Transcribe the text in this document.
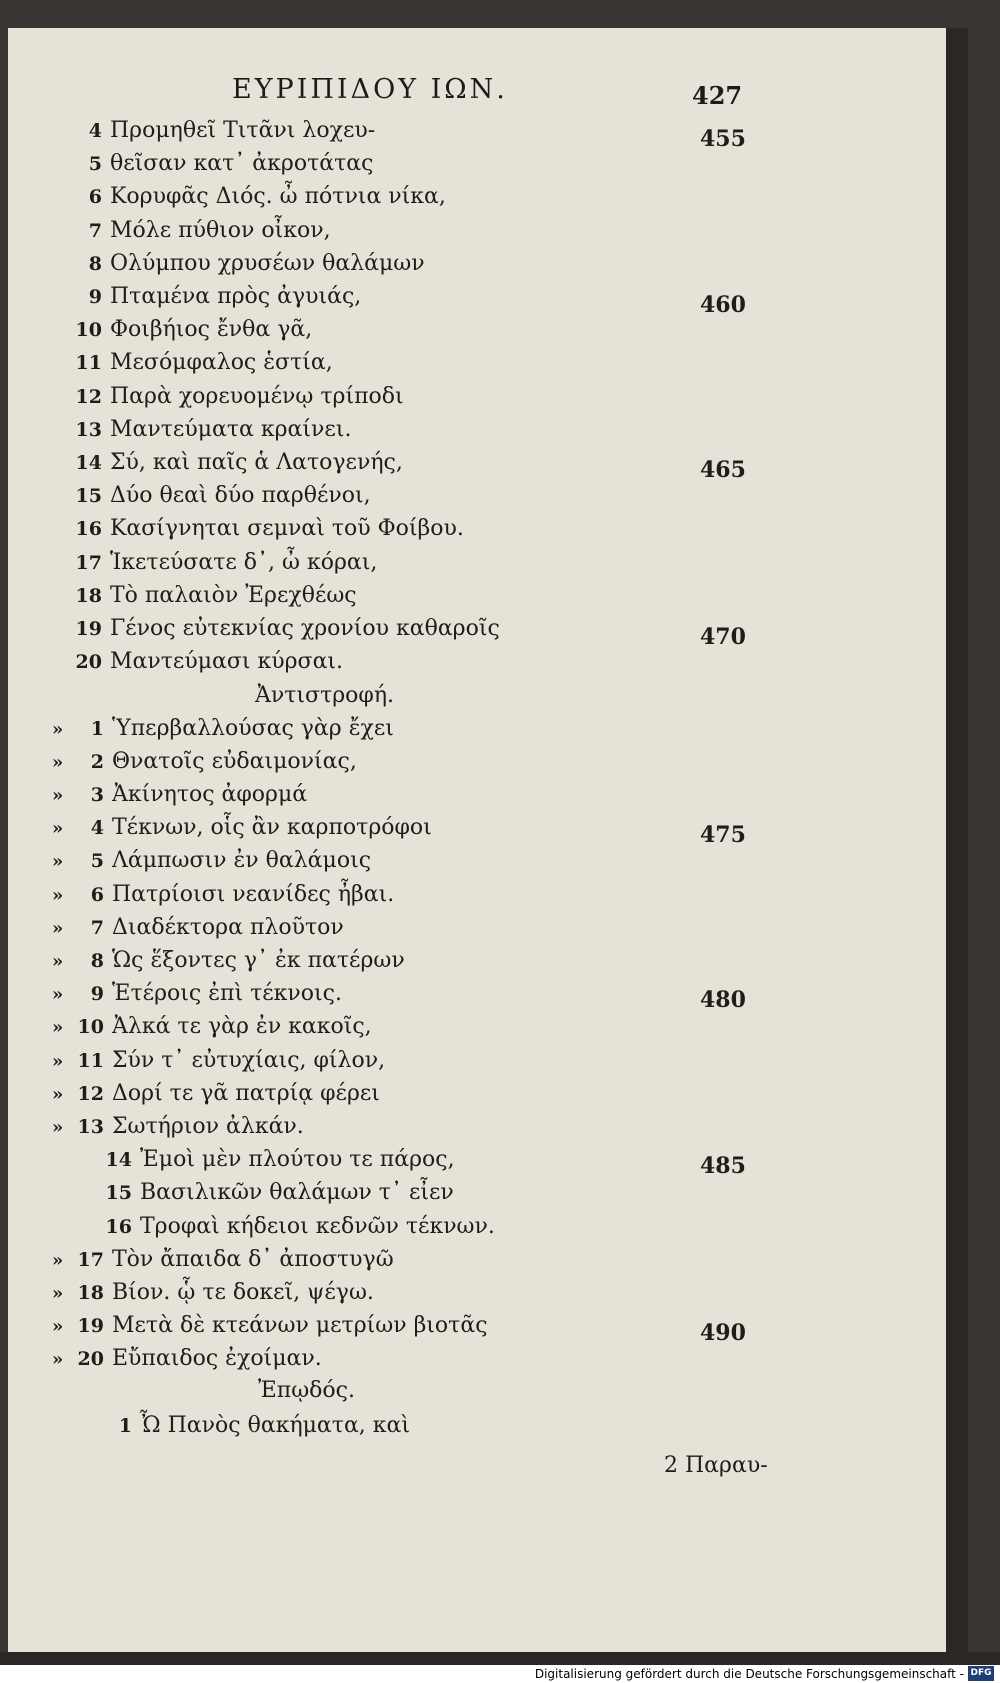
ΕΥΡΙΠΙΔΟΥ ΙΩΝ.	427
4 Προμηθεῖ Τιτᾶνι λοχευ-
5 θεῖσαν κατ᾽ ἀκροτάτας
6 Κορυφᾶς Διός. ὦ πότνια νίκα,
7 Μόλε πύθιον οἶκον,
8 Ολύμπου χρυσέων θαλάμων
9 Πταμένα πρὸς ἀγυιάς,
10 Φοιβήιος ἔνθα γᾶ,
11 Μεσόμφαλος ἑστία,
12 Παρὰ χορευομένῳ τρίποδι
13 Μαντεύματα κραίνει.
14 Σύ, καὶ παῖς ἁ Λατογενής,
15 Δύο θεαὶ δύο παρθένοι,
16 Κασίγνηται σεμναὶ τοῦ Φοίβου.
17 Ἱκετεύσατε δ᾽, ὦ κόραι,
18 Τὸ παλαιὸν Ἐρεχθέως
19 Γένος εὐτεκνίας χρονίου καθαροῖς
20 Μαντεύμασι κύρσαι.
» 1 Ὑπερβαλλούσας γὰρ ἔχει
» 2 Θνατοῖς εὐδαιμονίας,
» 3 Ἀκίνητος ἀφορμά
» 4 Τέκνων, οἷς ἂν καρποτρόφοι
» 5 Λάμπωσιν ἐν θαλάμοις
» 6 Πατρίοισι νεανίδες ἦβαι.
» 7 Διαδέκτορα πλοῦτον
» 8 Ὡς ἕξοντες γ᾽ ἐκ πατέρων
» 9 Ἑτέροις ἐπὶ τέκνοις.
» 10 Ἀλκά τε γὰρ ἐν κακοῖς,
» 11 Σύν τ᾽ εὐτυχίαις, φίλον,
» 12 Δορί τε γᾶ πατρίᾳ φέρει
» 13 Σωτήριον ἀλκάν.
14 Ἐμοὶ μὲν πλούτου τε πάρος,
15 Βασιλικῶν θαλάμων τ᾽ εἶεν
16 Τροφαὶ κήδειοι κεδνῶν τέκνων.
» 17 Τὸν ἄπαιδα δ᾽ ἀποστυγῶ
» 18 Βίον. ᾧ τε δοκεῖ, ψέγω.
» 19 Μετὰ δὲ κτεάνων μετρίων βιοτᾶς
» 20 Εὔπαιδος ἐχοίμαν.
1 Ὦ Πανὸς θακήματα, καὶ
Ἀντιστροφή.
Ἐπῳδός.
455
460
465
470
475
480
485
490
2 Παραυ-
Digitalisierung gefördert durch die Deutsche Forschungsgemeinschaft - DFG
